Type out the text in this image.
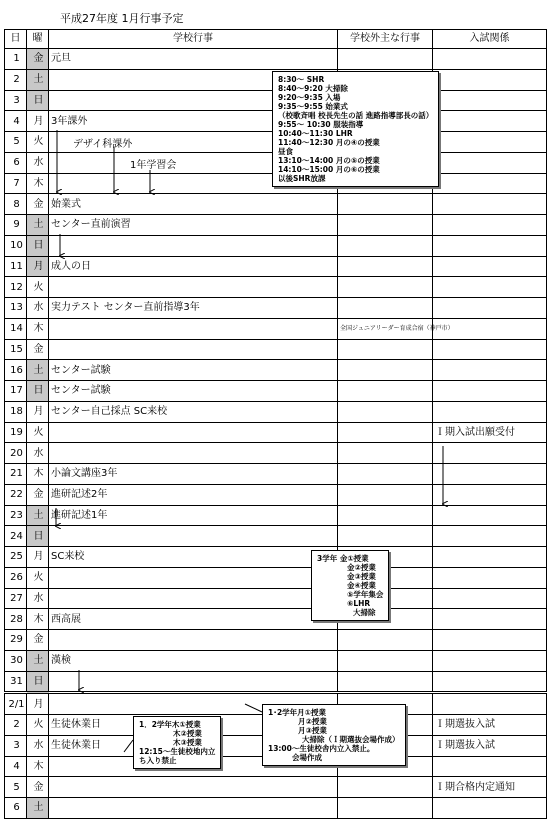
平成27年度 1月行事予定
日	曜	学校行事	学校外主な行事	入試関係
1	金	元旦		
2	土			
3	日			
4	月	3年課外		
5	火			
6	水			
7	木			
8	金	始業式		
9	土	センター直前演習		
10	日			
11	月	成人の日		
12	火			
13	水	実力テスト センター直前指導3年		
14	木		全国ジュニアリーダー育成合宿（神戸市）	
15	金			
16	土	センター試験		
17	日	センター試験		
18	月	センター自己採点 SC来校		
19	火			Ｉ期入試出願受付
20	水			
21	木	小論文講座3年		
22	金	進研記述2年		
23	土	進研記述1年		
24	日			
25	月	SC来校		
26	火			
27	水			
28	木	西高展		
29	金			
30	土	漢検		
31	日			
2/1	月			
2	火	生徒休業日		Ｉ期選抜入試
3	水	生徒休業日		Ｉ期選抜入試
4	木			
5	金			Ｉ期合格内定通知
6	土			
8:30～ SHR
8:40～9:20 大掃除
9:20～9:35 入場
9:35～9:55 始業式
（校歌斉唱 校長先生の話 進路指導部長の話）
9:55～ 10:30 服装指導
10:40～11:30 LHR
11:40～12:30 月の④の授業
昼食
13:10～14:00 月の⑤の授業
14:10～15:00 月の⑥の授業
以後SHR放課
3学年 金①授業
金②授業
金③授業
金④授業
⑤学年集会
⑥LHR
大掃除
1．2学年木①授業
木②授業
木③授業
12:15～生徒校地内立
ち入り禁止
1･2学年月①授業
月②授業
月③授業
大掃除（Ｉ期選抜会場作成）
13:00～生徒校舎内立入禁止。
会場作成
デザイ科課外
1年学習会
